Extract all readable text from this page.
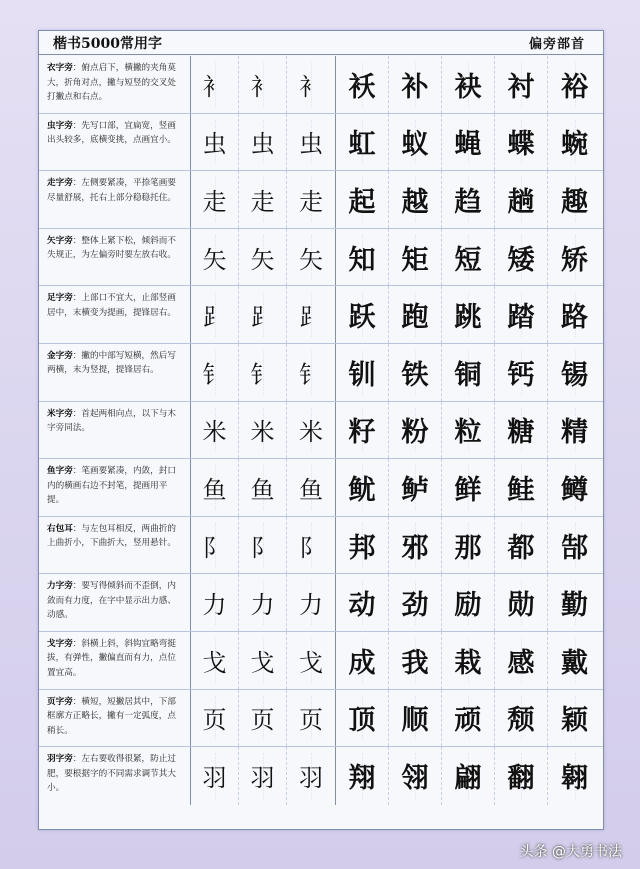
楷书5000常用字	偏旁部首
衣字旁：俯点启下，横撇的夹角莫大，折角对点，撇与短竖的交叉处打撇点和右点。	衤 衤 衤 袄 补 袂 衬 裕
虫字旁：先写口部，宜扁宽，竖画出头较多，底横变挑，点画宜小。	虫 虫 虫 虹 蚁 蝇 蝶 蜿
走字旁：左侧要紧凑，平捺笔画要尽量舒展，托右上部分稳稳托住。	走 走 走 起 越 趋 趟 趣
矢字旁：整体上紧下松，倾斜而不失规正，为左偏旁时要左放右收。	矢 矢 矢 知 矩 短 矮 矫
足字旁：上部口不宜大，止部竖画居中，末横变为提画，提锋居右。	⻊ ⻊ ⻊ 跃 跑 跳 踏 路
金字旁：撇的中部写短横，然后写两横，末为竖提，提锋居右。	钅 钅 钅 钏 铁 铜 钙 锡
米字旁：首起两相向点，以下与木字旁同法。	米 米 米 籽 粉 粒 糖 精
鱼字旁：笔画要紧凑，内敛，封口内的横画右边不封笔，提画用平提。	鱼 鱼 鱼 鱿 鲈 鲜 鲑 鳟
右包耳：与左包耳相反，两曲折的上曲折小，下曲折大，竖用悬针。	阝 阝 阝 邦 邪 那 都 郜
力字旁：要写得倾斜而不歪倒，内敛而有力度，在字中显示出力感、动感。	力 力 力 动 劲 励 勋 勤
戈字旁：斜横上斜，斜钩宜略弯挺拔，有弹性，撇偏直而有力，点位置宜高。	戈 戈 戈 成 我 栽 感 戴
页字旁：横短，短撇居其中，下部框廓方正略长，撇有一定弧度，点稍长。	页 页 页 顶 顺 顽 颓 颖
羽字旁：左右要收得很紧，防止过肥，要根据字的不同需求调节其大小。	羽 羽 羽 翔 翎 翩 翻 翱
头条 @大勇书法
